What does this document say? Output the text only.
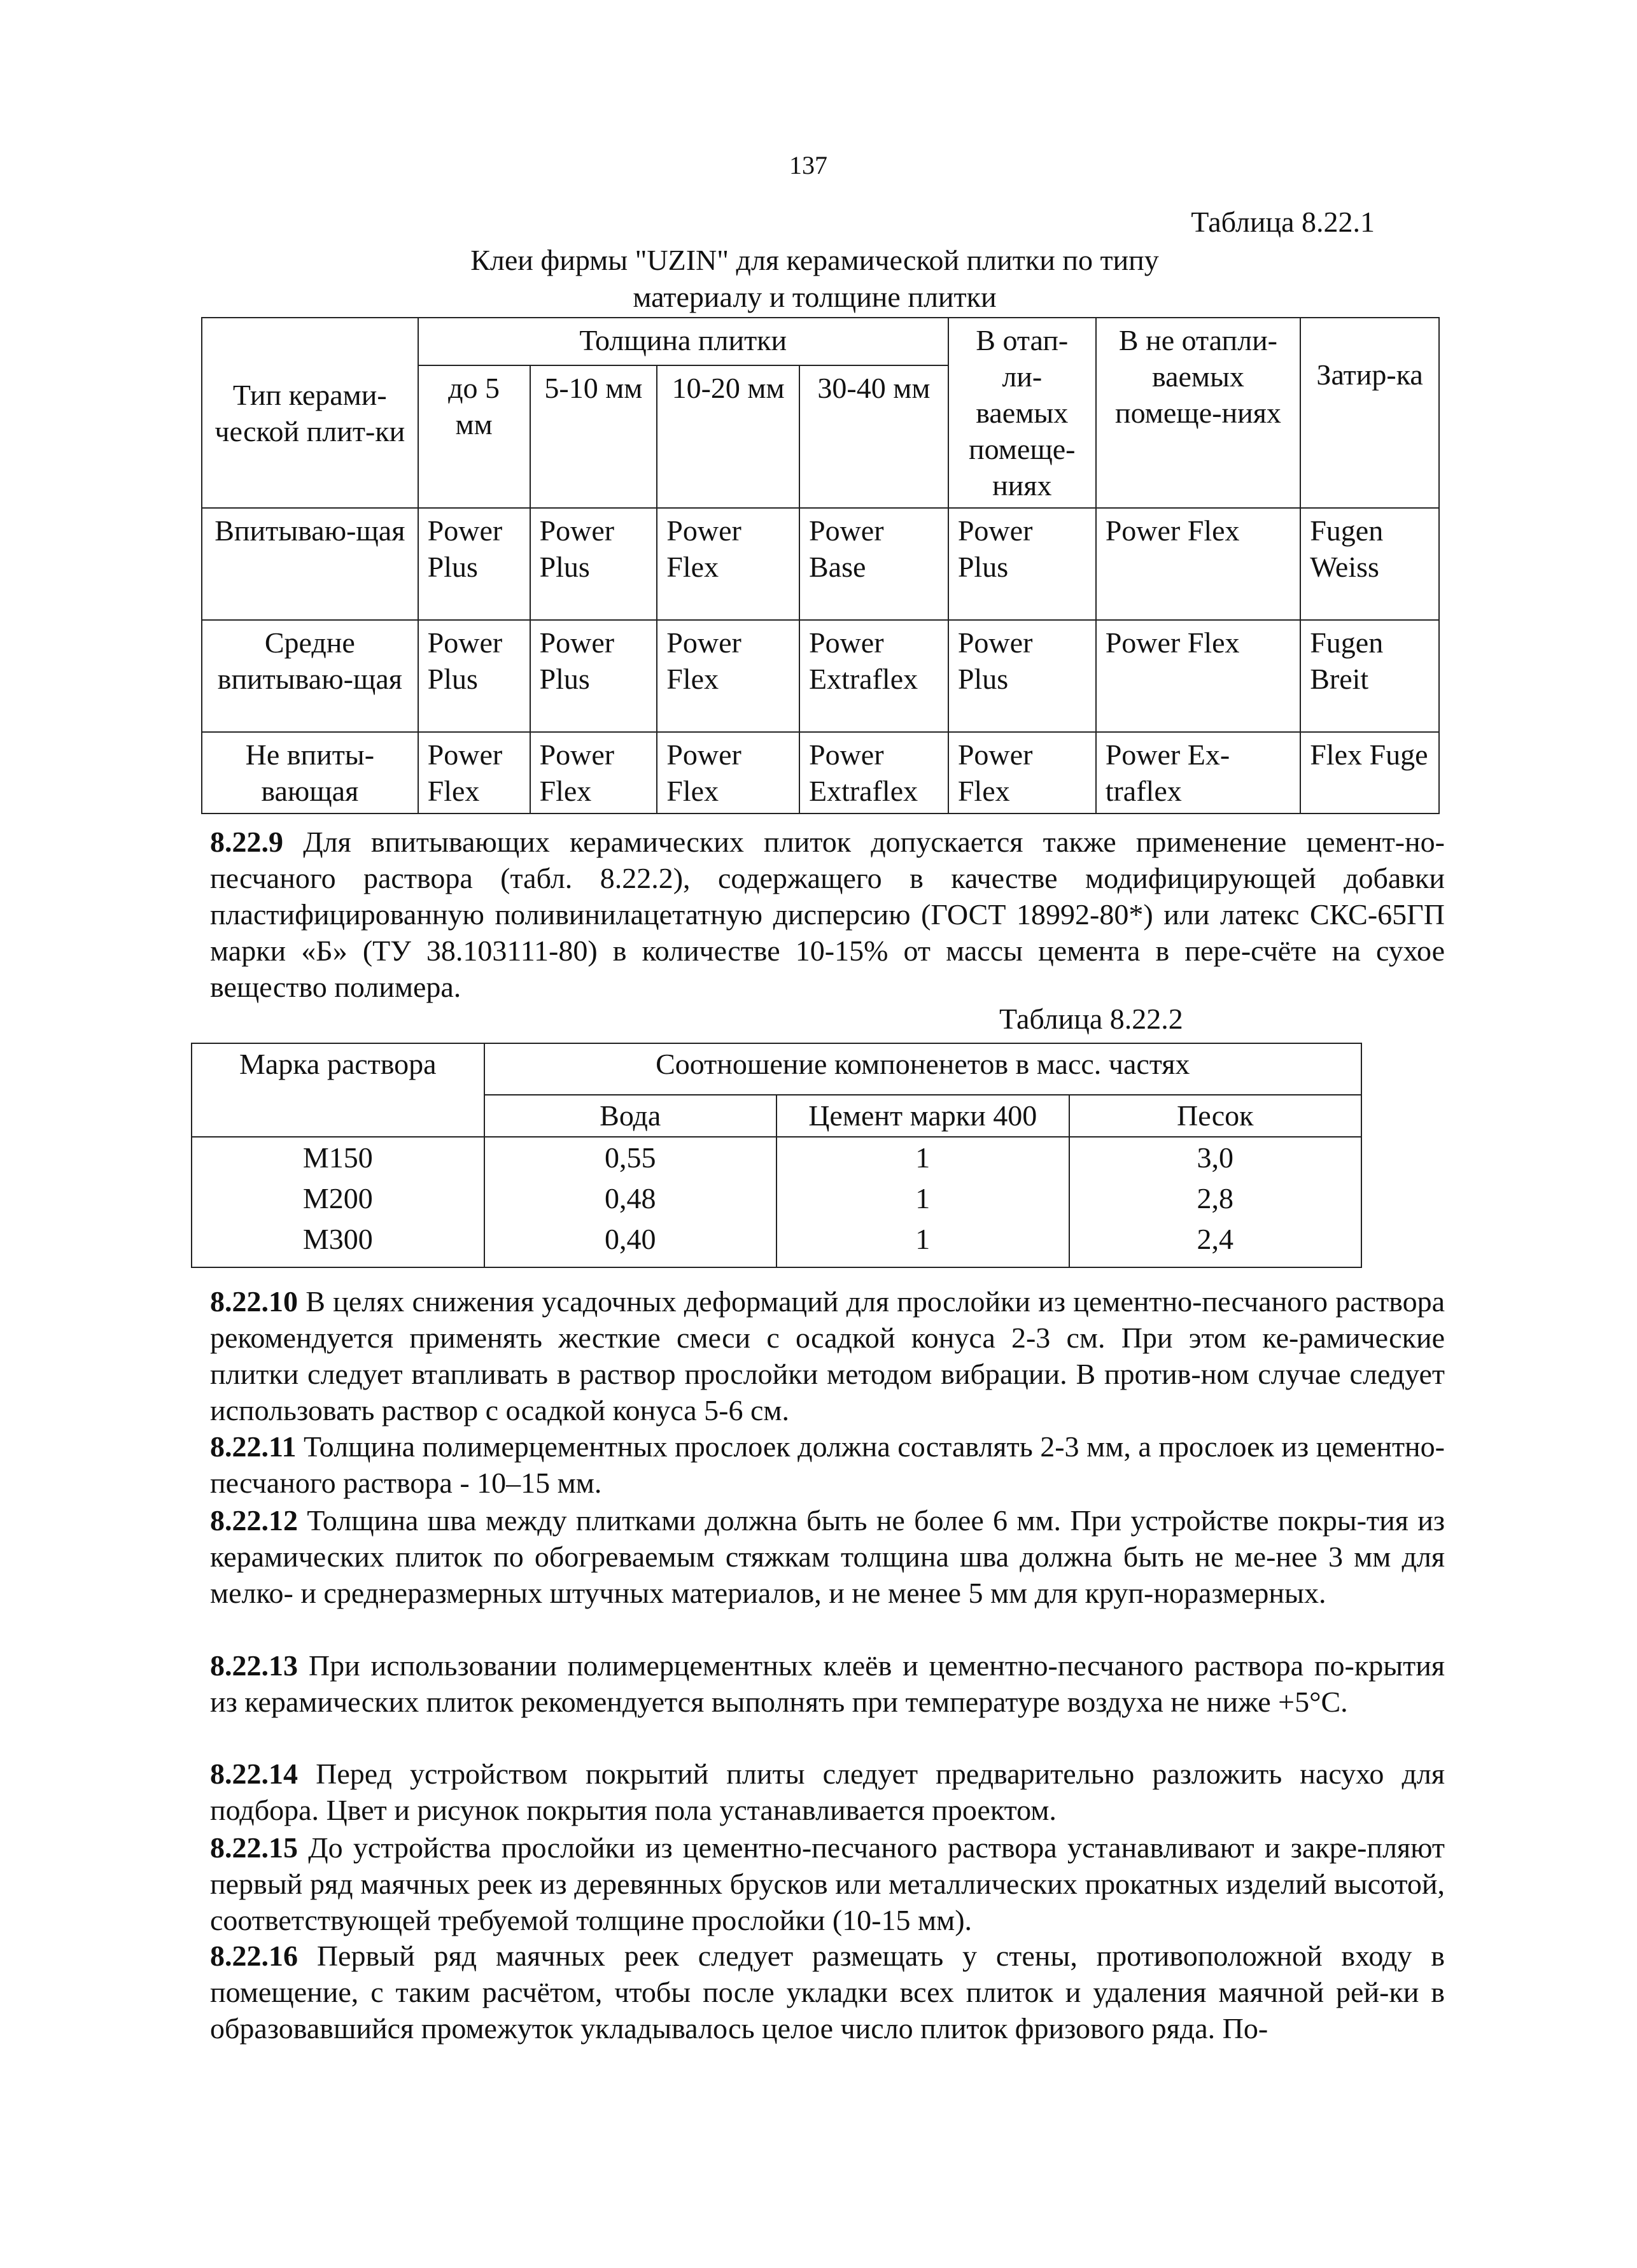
137
Таблица 8.22.1
Клеи фирмы "UZIN" для керамической плитки по типу
материалу и толщине плитки
Тип керами-ческой плит-ки	Толщина плитки				В отап-ли-ваемых помеще-ниях	В не отапли-ваемых помеще-ниях	Затир-ка
	до 5 мм	5-10 мм	10-20 мм	30-40 мм			
Впитываю-щая	Power Plus	Power Plus	Power Flex	Power Base	Power Plus	Power Flex	Fugen Weiss
Средне впитываю-щая	Power Plus	Power Plus	Power Flex	Power Extraflex	Power Plus	Power Flex	Fugen Breit
Не впиты-вающая	Power Flex	Power Flex	Power Flex	Power Extraflex	Power Flex	Power Ex-traflex	Flex Fuge
8.22.9 Для впитывающих керамических плиток допускается также применение цемент-но-песчаного раствора (табл. 8.22.2), содержащего в качестве модифицирующей добавки пластифицированную поливинилацетатную дисперсию (ГОСТ 18992-80*) или латекс СКС-65ГП марки «Б» (ТУ 38.103111-80) в количестве 10-15% от массы цемента в пере-счёте на сухое вещество полимера.
Таблица 8.22.2
Марка раствора	Соотношение компоненетов в масс. частях		
	Вода	Цемент марки 400	Песок
М150	0,55	1	3,0
М200	0,48	1	2,8
М300	0,40	1	2,4
8.22.10 В целях снижения усадочных деформаций для прослойки из цементно-песчаного раствора рекомендуется применять жесткие смеси с осадкой конуса 2-3 см. При этом ке-рамические плитки следует втапливать в раствор прослойки методом вибрации. В против-ном случае следует использовать раствор с осадкой конуса 5-6 см.
8.22.11 Толщина полимерцементных прослоек должна составлять 2-3 мм, а прослоек из цементно-песчаного раствора - 10–15 мм.
8.22.12 Толщина шва между плитками должна быть не более 6 мм. При устройстве покры-тия из керамических плиток по обогреваемым стяжкам толщина шва должна быть не ме-нее 3 мм для мелко- и среднеразмерных штучных материалов, и не менее 5 мм для круп-норазмерных.
8.22.13 При использовании полимерцементных клеёв и цементно-песчаного раствора по-крытия из керамических плиток рекомендуется выполнять при температуре воздуха не ниже +5°С.
8.22.14 Перед устройством покрытий плиты следует предварительно разложить насухо для подбора. Цвет и рисунок покрытия пола устанавливается проектом.
8.22.15 До устройства прослойки из цементно-песчаного раствора устанавливают и закре-пляют первый ряд маячных реек из деревянных брусков или металлических прокатных изделий высотой, соответствующей требуемой толщине прослойки (10-15 мм).
8.22.16 Первый ряд маячных реек следует размещать у стены, противоположной входу в помещение, с таким расчётом, чтобы после укладки всех плиток и удаления маячной рей-ки в образовавшийся промежуток укладывалось целое число плиток фризового ряда. По-
